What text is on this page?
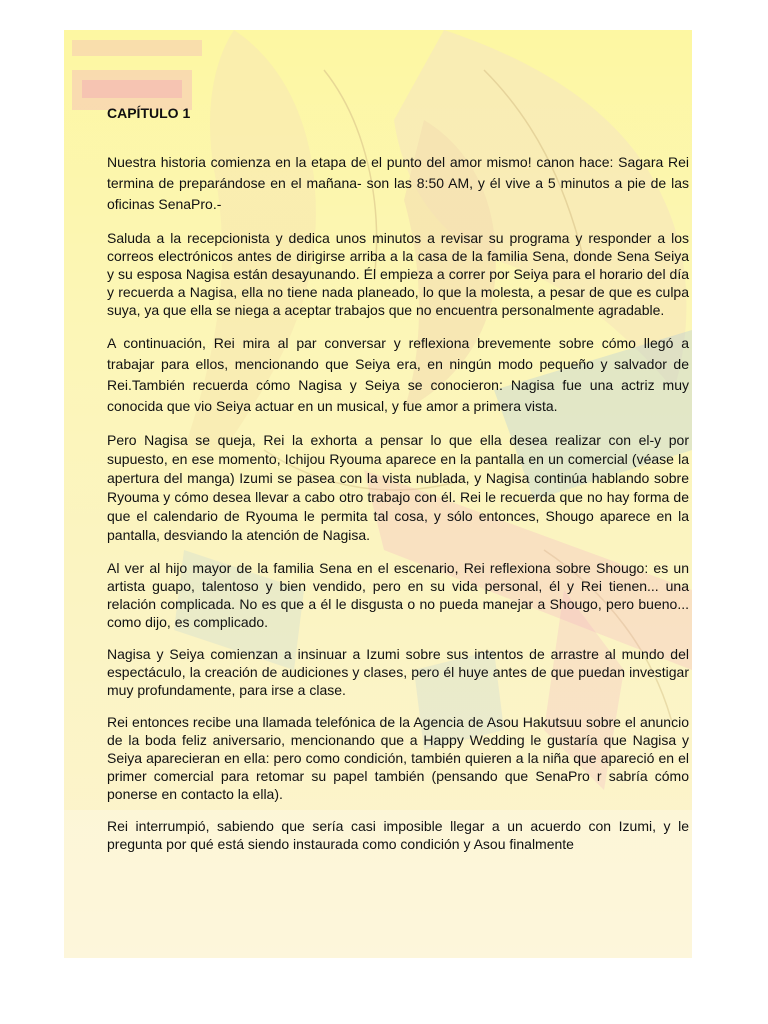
CAPÍTULO 1

Nuestra historia comienza en la etapa de el punto del amor mismo! canon hace: Sagara Rei termina de preparándose en el mañana- son las 8:50 AM, y él vive a 5 minutos a pie de las oficinas SenaPro.-

Saluda a la recepcionista y dedica unos minutos a revisar su programa y responder a los correos electrónicos antes de dirigirse arriba a la casa de la familia Sena, donde Sena Seiya y su esposa Nagisa están desayunando. Él empieza a correr por Seiya para el horario del día y recuerda a Nagisa, ella no tiene nada planeado, lo que la molesta, a pesar de que es culpa suya, ya que ella se niega a aceptar trabajos que no encuentra personalmente agradable.

A continuación, Rei mira al par conversar y reflexiona brevemente sobre cómo llegó a trabajar para ellos, mencionando que Seiya era, en ningún modo pequeño y salvador de Rei.También recuerda cómo Nagisa y Seiya se conocieron: Nagisa fue una actriz muy conocida que vio Seiya actuar en un musical, y fue amor a primera vista.

Pero Nagisa se queja, Rei la exhorta a pensar lo que ella desea realizar con el-y por supuesto, en ese momento, Ichijou Ryouma aparece en la pantalla en un comercial (véase la apertura del manga) Izumi se pasea con la vista nublada, y Nagisa continúa hablando sobre Ryouma y cómo desea llevar a cabo otro trabajo con él. Rei le recuerda que no hay forma de que el calendario de Ryouma le permita tal cosa, y sólo entonces, Shougo aparece en la pantalla, desviando la atención de Nagisa.

Al ver al hijo mayor de la familia Sena en el escenario, Rei reflexiona sobre Shougo: es un artista guapo, talentoso y bien vendido, pero en su vida personal, él y Rei tienen... una relación complicada. No es que a él le disgusta o no pueda manejar a Shougo, pero bueno... como dijo, es complicado.

Nagisa y Seiya comienzan a insinuar a Izumi sobre sus intentos de arrastre al mundo del espectáculo, la creación de audiciones y clases, pero él huye antes de que puedan investigar muy profundamente, para irse a clase.

Rei entonces recibe una llamada telefónica de la Agencia de Asou Hakutsuu sobre el anuncio de la boda feliz aniversario, mencionando que a Happy Wedding le gustaría que Nagisa y Seiya aparecieran en ella: pero como condición, también quieren a la niña que apareció en el primer comercial para retomar su papel también (pensando que SenaPro r sabría cómo ponerse en contacto la ella).

Rei interrumpió, sabiendo que sería casi imposible llegar a un acuerdo con Izumi, y le pregunta por qué está siendo instaurada como condición y Asou finalmente
